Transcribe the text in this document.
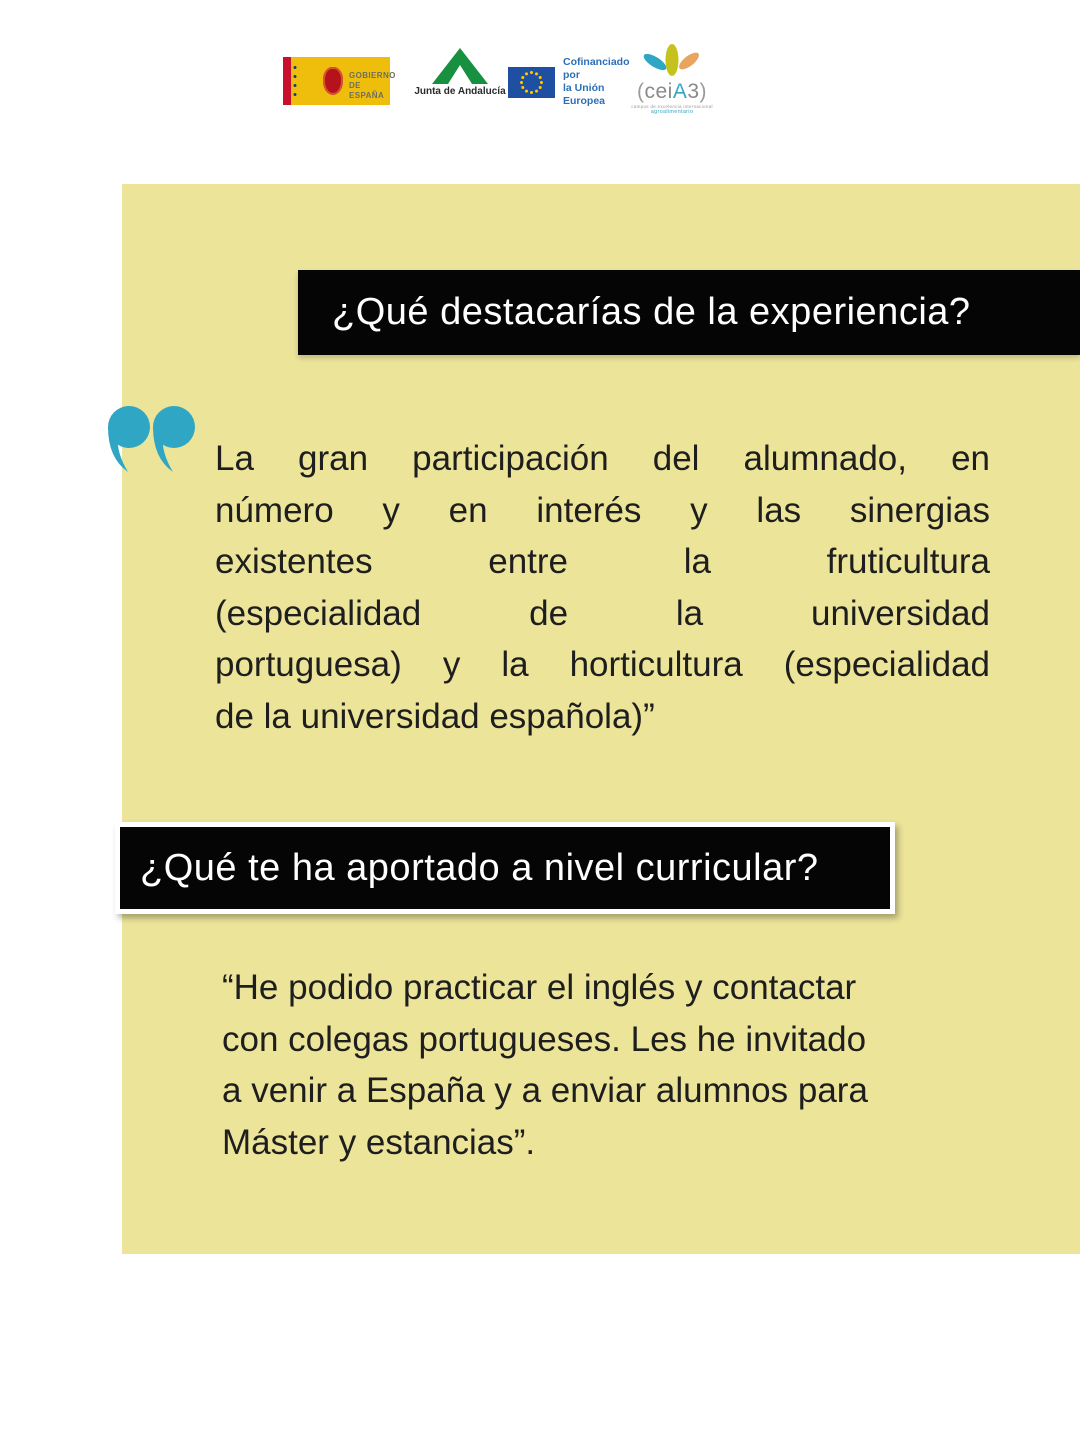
GOBIERNO
DE ESPAÑA	Junta de Andalucía
Cofinanciado por
la Unión Europea	(ceiA3)
campus de excelencia internacional
agroalimentario
¿Qué destacarías de la experiencia?
La gran participación del alumnado, en
número y en interés y las sinergias
existentes entre la fruticultura
(especialidad de la universidad
portuguesa) y la horticultura (especialidad
de la universidad española)”
¿Qué te ha aportado a nivel curricular?
“He podido practicar el inglés y contactar
con colegas portugueses. Les he invitado
a venir a España y a enviar alumnos para
Máster y estancias”.
